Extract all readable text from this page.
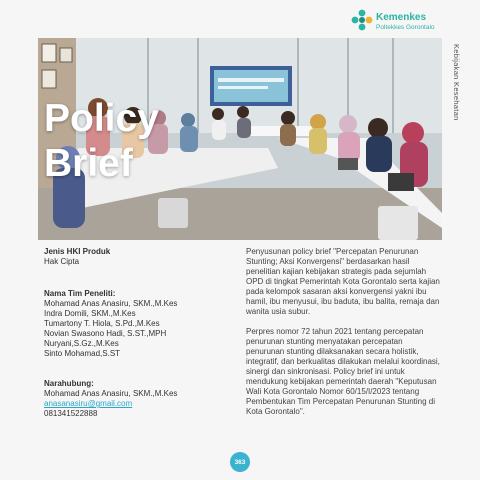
Kemenkes
Poltekkes Gorontalo
Policy
Brief
Kebijakan Kesehatan
Jenis HKI Produk
Hak Cipta
Nama Tim Peneliti:
Mohamad Anas Anasiru, SKM.,M.Kes
Indra Domili, SKM.,M.Kes
Tumartony T. Hiola, S.Pd.,M.Kes
Novian Swasono Hadi, S.ST.,MPH
Nuryani,S.Gz.,M.Kes
Sinto Mohamad,S.ST
Narahubung:
Mohamad Anas Anasiru, SKM.,M.Kes
anasanasiru@gmail.com
081341522888

Penyusunan policy brief "Percepatan Penurunan Stunting; Aksi Konvergensi" berdasarkan hasil penelitian kajian kebijakan strategis pada sejumlah OPD di tingkat Pemerintah Kota Gorontalo serta kajian pada kelompok sasaran aksi konvergensi yakni ibu hamil, ibu menyusui, ibu baduta, ibu balita, remaja dan wanita usia subur.

Perpres nomor 72 tahun 2021 tentang percepatan penurunan stunting menyatakan percepatan penurunan stunting dilaksanakan secara holistik, integratif, dan berkualitas dilakukan melalui koordinasi, sinergi dan sinkronisasi. Policy brief ini untuk mendukung kebijakan pemerintah daerah "Keputusan Wali Kota Gorontalo Nomor 60/15/I/2023 tentang Pembentukan Tim Percepatan Penurunan Stunting di Kota Gorontalo".

363
